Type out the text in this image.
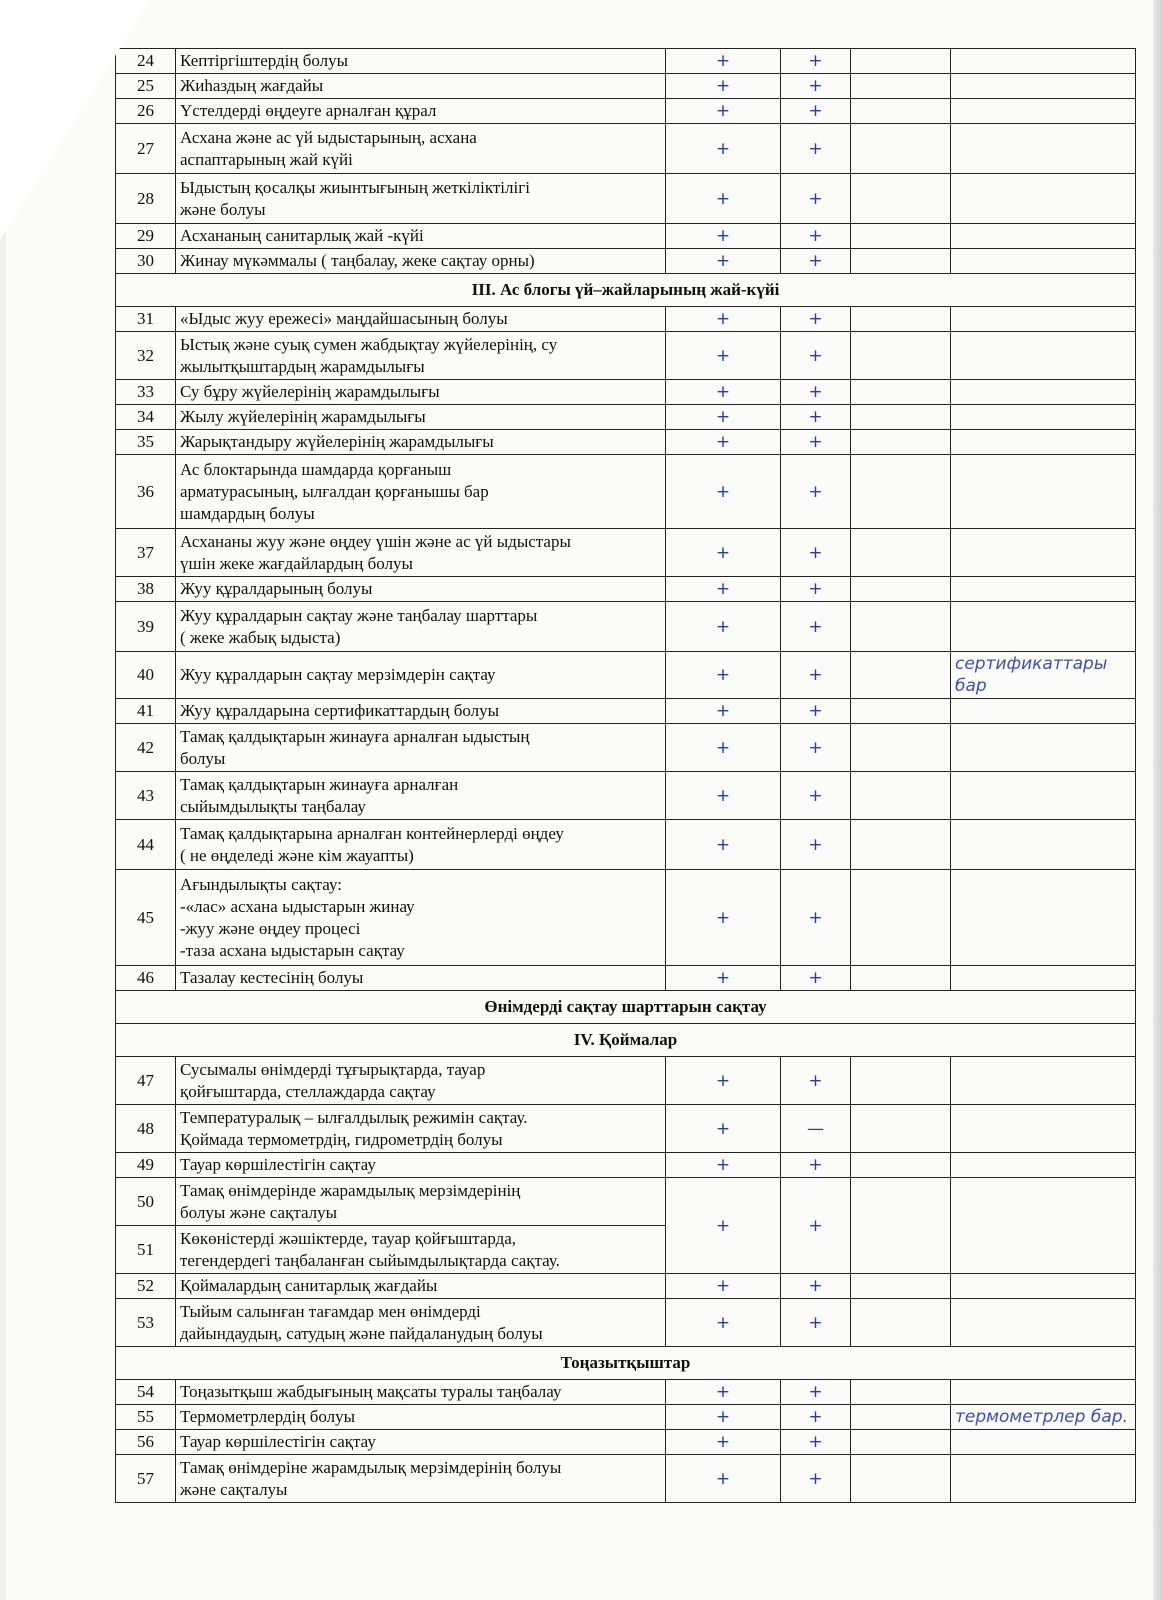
24	Кептіргіштердің болуы	+	+		
25	Жиһаздың жағдайы	+	+		
26	Үстелдерді өңдеуге арналған құрал	+	+		
27	Асхана және ас үй ыдыстарының, асхана
аспаптарының жай күйі	+	+		
28	Ыдыстың қосалқы жиынтығының жеткіліктілігі
және болуы	+	+		
29	Асхананың санитарлық жай -күйі	+	+		
30	Жинау мүкәммалы ( таңбалау, жеке сақтау орны)	+	+		
ІІІ. Ас блогы үй–жайларының жай-күйі					
31	«Ыдыс жуу ережесі» маңдайшасының болуы	+	+		
32	Ыстық және суық сумен жабдықтау жүйелерінің, су
жылытқыштардың жарамдылығы	+	+		
33	Су бұру жүйелерінің жарамдылығы	+	+		
34	Жылу жүйелерінің жарамдылығы	+	+		
35	Жарықтандыру жүйелерінің жарамдылығы	+	+		
36	Ас блоктарында шамдарда қорғаныш
арматурасының, ылғалдан қорғанышы бар
шамдардың болуы	+	+		
37	Асхананы жуу және өңдеу үшін және ас үй ыдыстары
үшін жеке жағдайлардың болуы	+	+		
38	Жуу құралдарының болуы	+	+		
39	Жуу құралдарын сақтау және таңбалау шарттары
( жеке жабық ыдыста)	+	+		
40	Жуу құралдарын сақтау мерзімдерін сақтау	+	+		сертификаттары бар
41	Жуу құралдарына сертификаттардың болуы	+	+		
42	Тамақ қалдықтарын жинауға арналған ыдыстың
болуы	+	+		
43	Тамақ қалдықтарын жинауға арналған
сыйымдылықты таңбалау	+	+		
44	Тамақ қалдықтарына арналған контейнерлерді өңдеу
( не өңделеді және кім жауапты)	+	+		
45	Ағындылықты сақтау:
-«лас» асхана ыдыстарын жинау
-жуу және өңдеу процесі
-таза асхана ыдыстарын сақтау	+	+		
46	Тазалау кестесінің болуы	+	+		
Өнімдерді сақтау шарттарын сақтау					
ІV. Қоймалар					
47	Сусымалы өнімдерді тұғырықтарда, тауар
қойғыштарда, стеллаждарда сақтау	+	+		
48	Температуралық – ылғалдылық режимін сақтау.
Қоймада термометрдің, гидрометрдің болуы	+	—		
49	Тауар көршілестігін сақтау	+	+		
50	Тамақ өнімдерінде жарамдылық мерзімдерінің
болуы және сақталуы	+	+		
51	Көкөністерді жәшіктерде, тауар қойғыштарда,
тегендердегі таңбаланған сыйымдылықтарда сақтау.				
52	Қоймалардың санитарлық жағдайы	+	+		
53	Тыйым салынған тағамдар мен өнімдерді
дайындаудың, сатудың және пайдаланудың болуы	+	+		
Тоңазытқыштар					
54	Тоңазытқыш жабдығының мақсаты туралы таңбалау	+	+		
55	Термометрлердің болуы	+	+		термометрлер бар.
56	Тауар көршілестігін сақтау	+	+		
57	Тамақ өнімдеріне жарамдылық мерзімдерінің болуы
және сақталуы	+	+		
